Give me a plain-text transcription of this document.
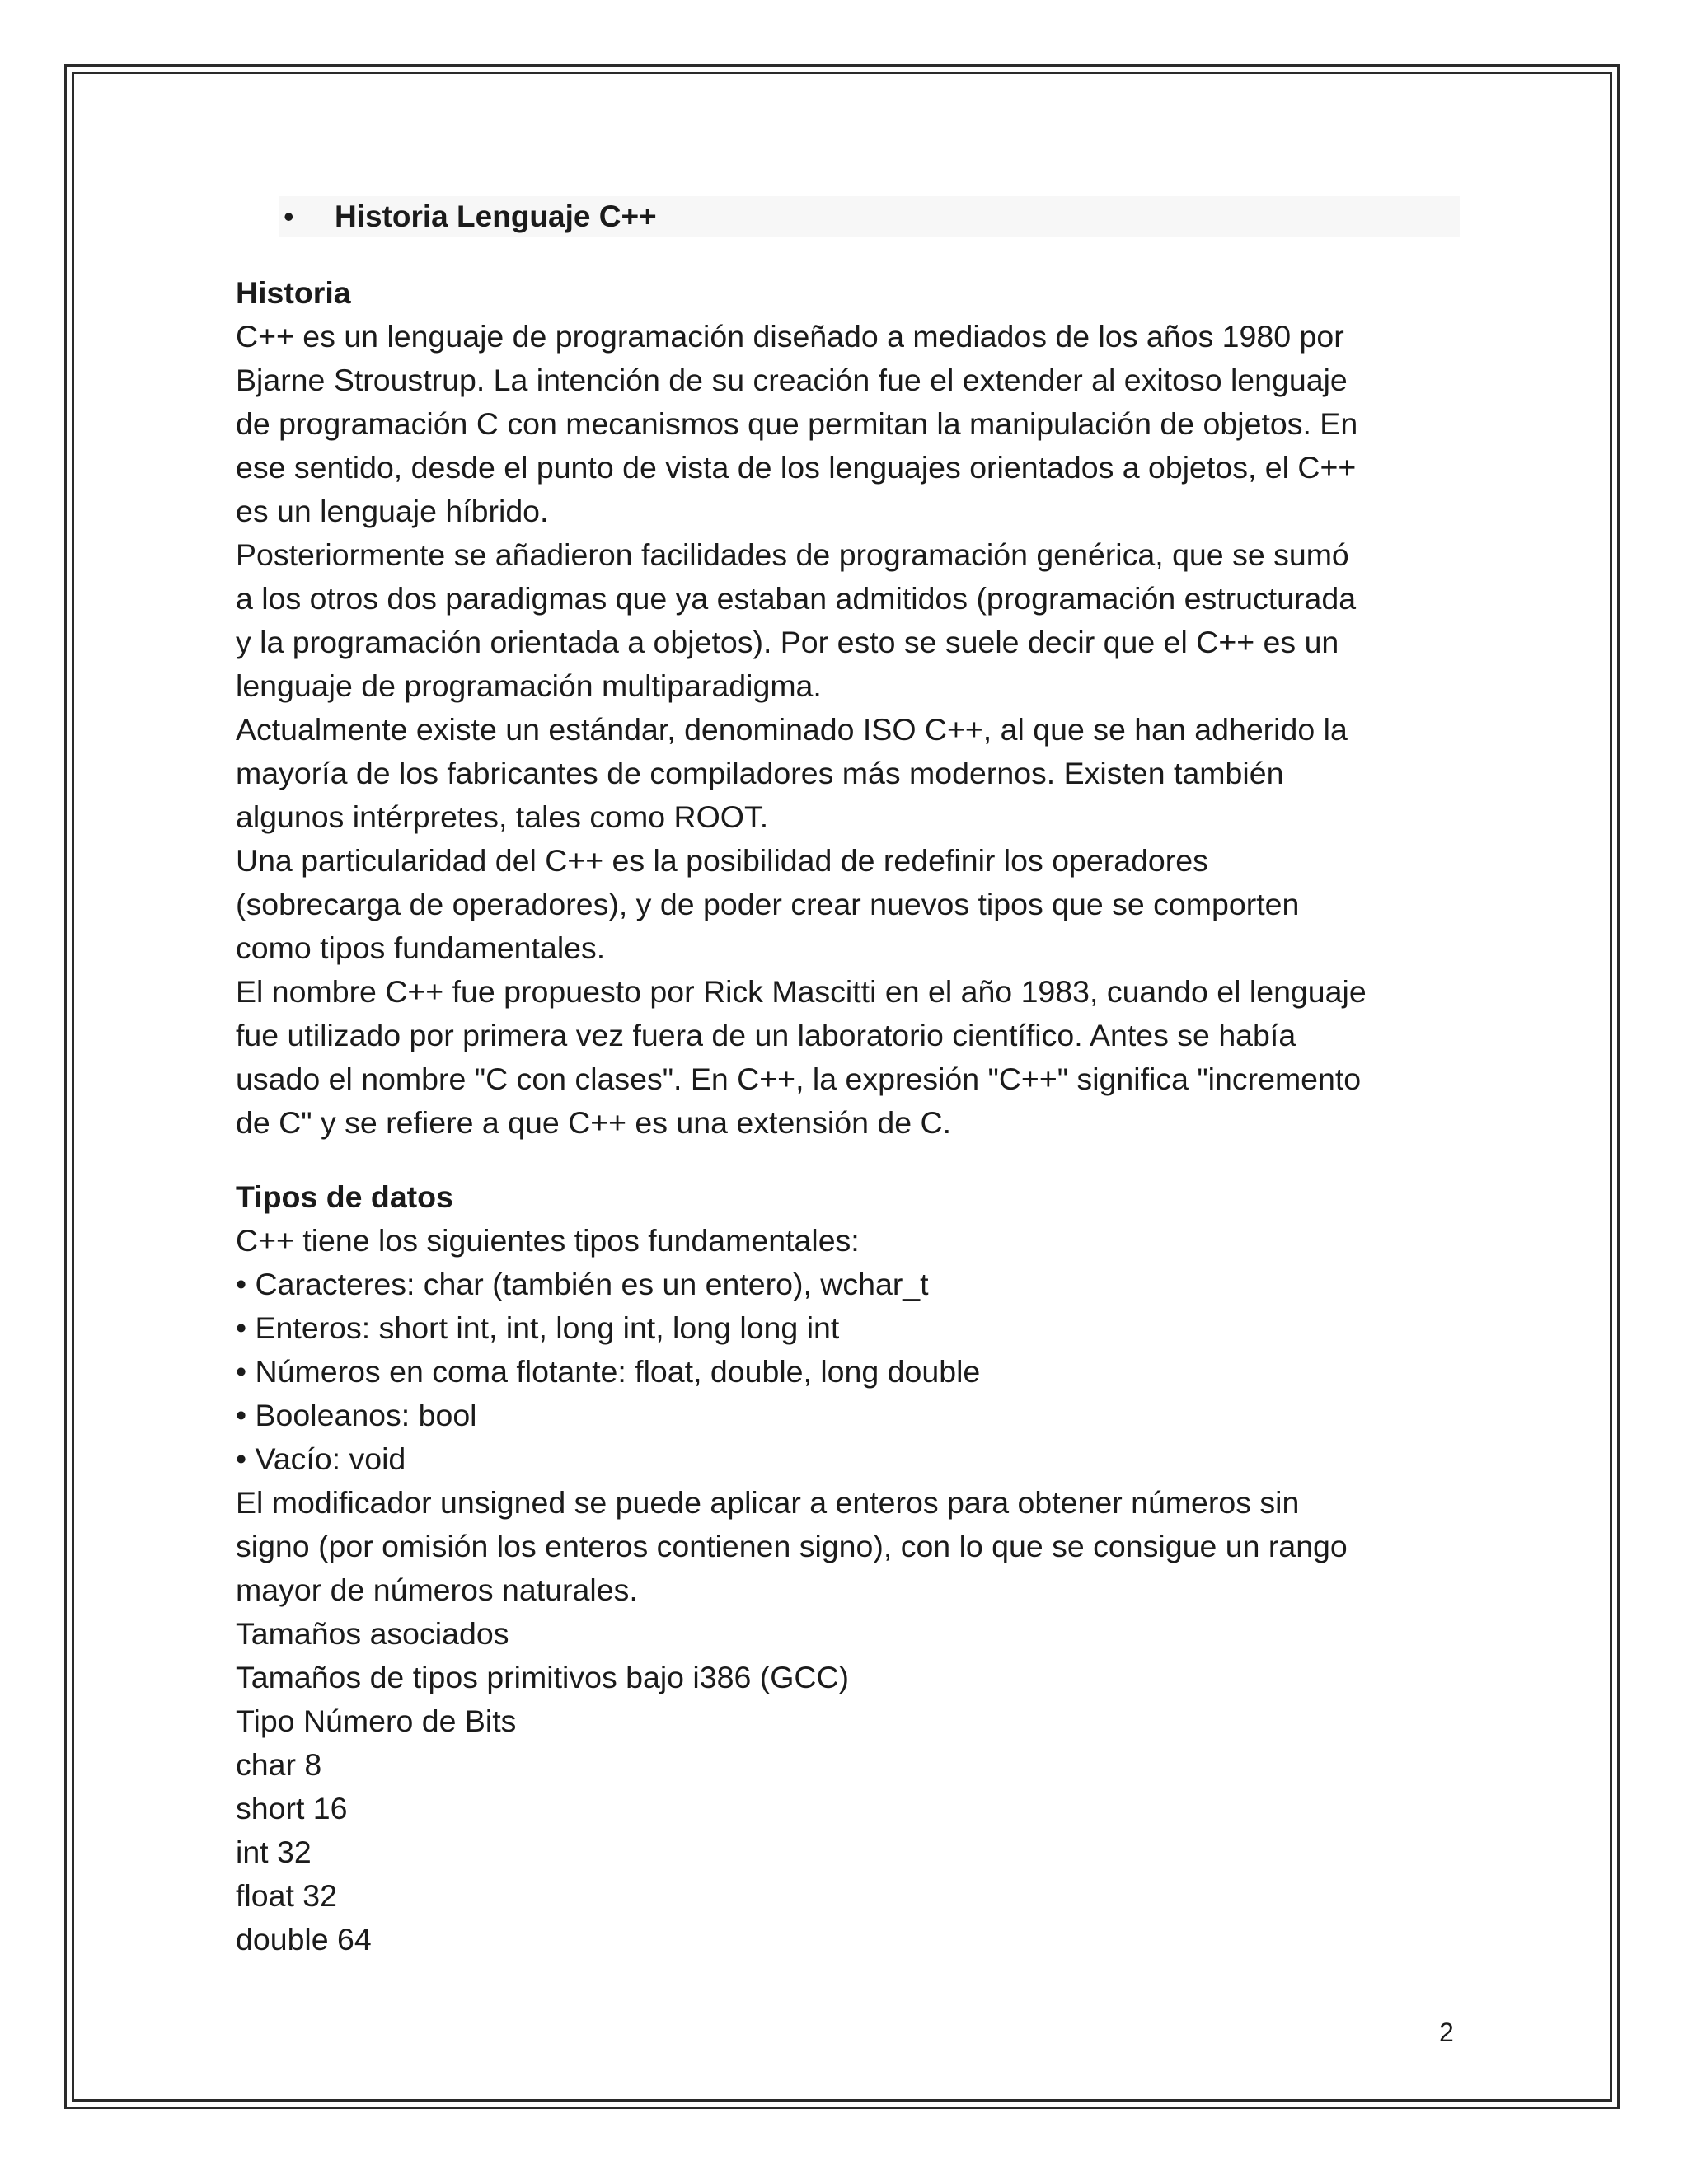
• Historia Lenguaje C++
Historia
C++ es un lenguaje de programación diseñado a mediados de los años 1980 por
Bjarne Stroustrup. La intención de su creación fue el extender al exitoso lenguaje
de programación C con mecanismos que permitan la manipulación de objetos. En
ese sentido, desde el punto de vista de los lenguajes orientados a objetos, el C++
es un lenguaje híbrido.
Posteriormente se añadieron facilidades de programación genérica, que se sumó
a los otros dos paradigmas que ya estaban admitidos (programación estructurada
y la programación orientada a objetos). Por esto se suele decir que el C++ es un
lenguaje de programación multiparadigma.
Actualmente existe un estándar, denominado ISO C++, al que se han adherido la
mayoría de los fabricantes de compiladores más modernos. Existen también
algunos intérpretes, tales como ROOT.
Una particularidad del C++ es la posibilidad de redefinir los operadores
(sobrecarga de operadores), y de poder crear nuevos tipos que se comporten
como tipos fundamentales.
El nombre C++ fue propuesto por Rick Mascitti en el año 1983, cuando el lenguaje
fue utilizado por primera vez fuera de un laboratorio científico. Antes se había
usado el nombre "C con clases". En C++, la expresión "C++" significa "incremento
de C" y se refiere a que C++ es una extensión de C.
Tipos de datos
C++ tiene los siguientes tipos fundamentales:
• Caracteres: char (también es un entero), wchar_t
• Enteros: short int, int, long int, long long int
• Números en coma flotante: float, double, long double
• Booleanos: bool
• Vacío: void
El modificador unsigned se puede aplicar a enteros para obtener números sin
signo (por omisión los enteros contienen signo), con lo que se consigue un rango
mayor de números naturales.
Tamaños asociados
Tamaños de tipos primitivos bajo i386 (GCC)
Tipo Número de Bits
char 8
short 16
int 32
float 32
double 64
2
